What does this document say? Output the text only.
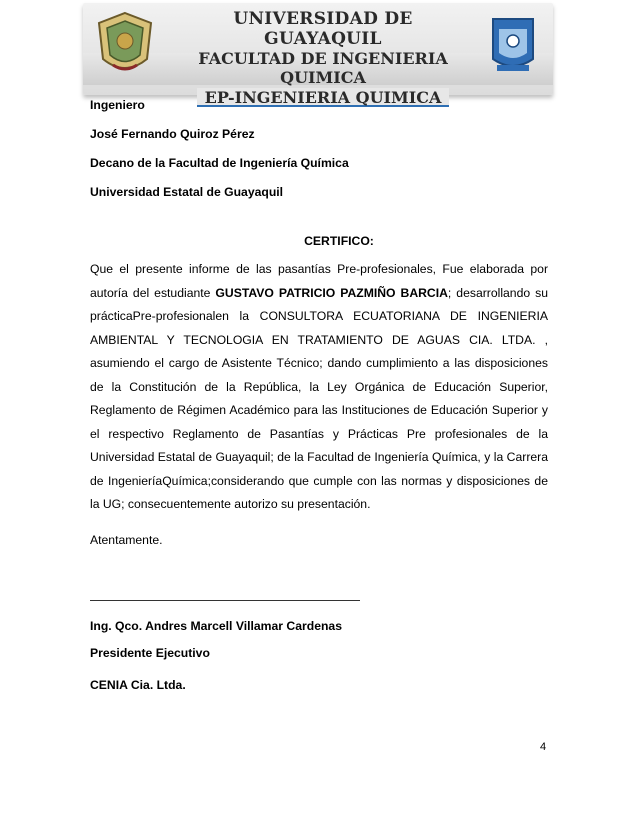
UNIVERSIDAD DE GUAYAQUIL
FACULTAD DE INGENIERIA QUIMICA
EP-INGENIERIA QUIMICA

Ingeniero

José Fernando Quiroz Pérez

Decano de la Facultad de Ingeniería Química

Universidad Estatal de Guayaquil

CERTIFICO:

Que el presente informe de las pasantías Pre-profesionales, Fue elaborada por autoría del estudiante GUSTAVO PATRICIO PAZMIÑO BARCIA; desarrollando su prácticaPre-profesionalen la CONSULTORA ECUATORIANA DE INGENIERIA AMBIENTAL Y TECNOLOGIA EN TRATAMIENTO DE AGUAS CIA. LTDA. , asumiendo el cargo de Asistente Técnico; dando cumplimiento a las disposiciones de la Constitución de la República, la Ley Orgánica de Educación Superior, Reglamento de Régimen Académico para las Instituciones de Educación Superior y el respectivo Reglamento de Pasantías y Prácticas Pre profesionales de la Universidad Estatal de Guayaquil; de la Facultad de Ingeniería Química, y la Carrera de IngenieríaQuímica;considerando que cumple con las normas y disposiciones de la UG; consecuentemente autorizo su presentación.

Atentamente.

Ing. Qco. Andres Marcell Villamar Cardenas

Presidente Ejecutivo

CENIA Cia. Ltda.

4
